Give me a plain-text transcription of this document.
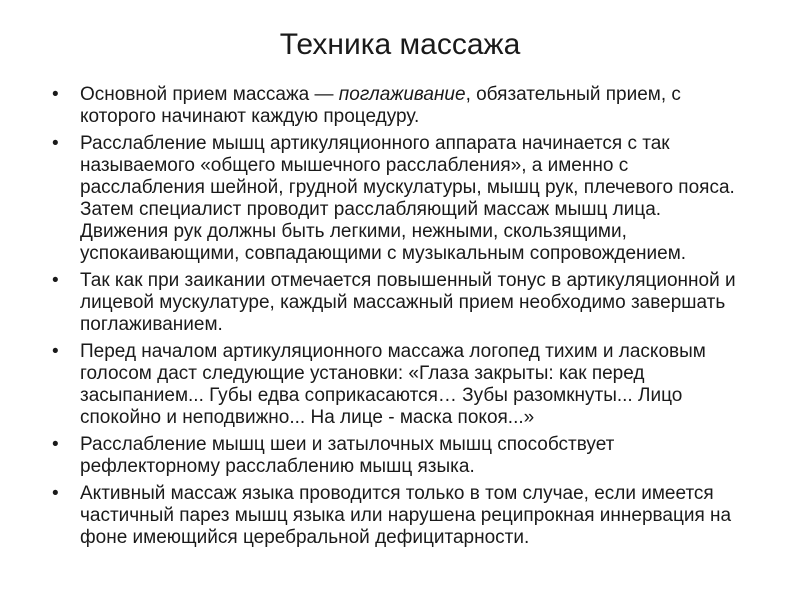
Техника массажа
•	Основной прием массажа — поглаживание, обязательный прием, с которого начинают каждую процедуру.
•	Расслабление мышц артикуляционного аппарата начинается с так называемого «общего мышечного расслабления», а именно с расслабления шейной, грудной мускулатуры, мышц рук, плечевого пояса. Затем специалист проводит расслабляющий массаж мышц лица. Движения рук должны быть легкими, нежными, скользящими, успокаивающими, совпадающими с музыкальным сопровождением.
•	Так как при заикании отмечается повышенный тонус в артикуляционной и лицевой мускулатуре, каждый массажный прием необходимо завершать поглаживанием.
•	Перед началом артикуляционного массажа логопед тихим и ласковым голосом даст следующие установки: «Глаза закрыты: как перед засыпанием... Губы едва соприкасаются… Зубы разомкнуты... Лицо спокойно и неподвижно... На лице - маска покоя...»
•	Расслабление мышц шеи и затылочных мышц способствует рефлекторному расслаблению мышц языка.
•	Активный массаж языка проводится только в том случае, если имеется частичный парез мышц языка или нарушена реципрокная иннервация на фоне имеющийся церебральной дефицитарности.
